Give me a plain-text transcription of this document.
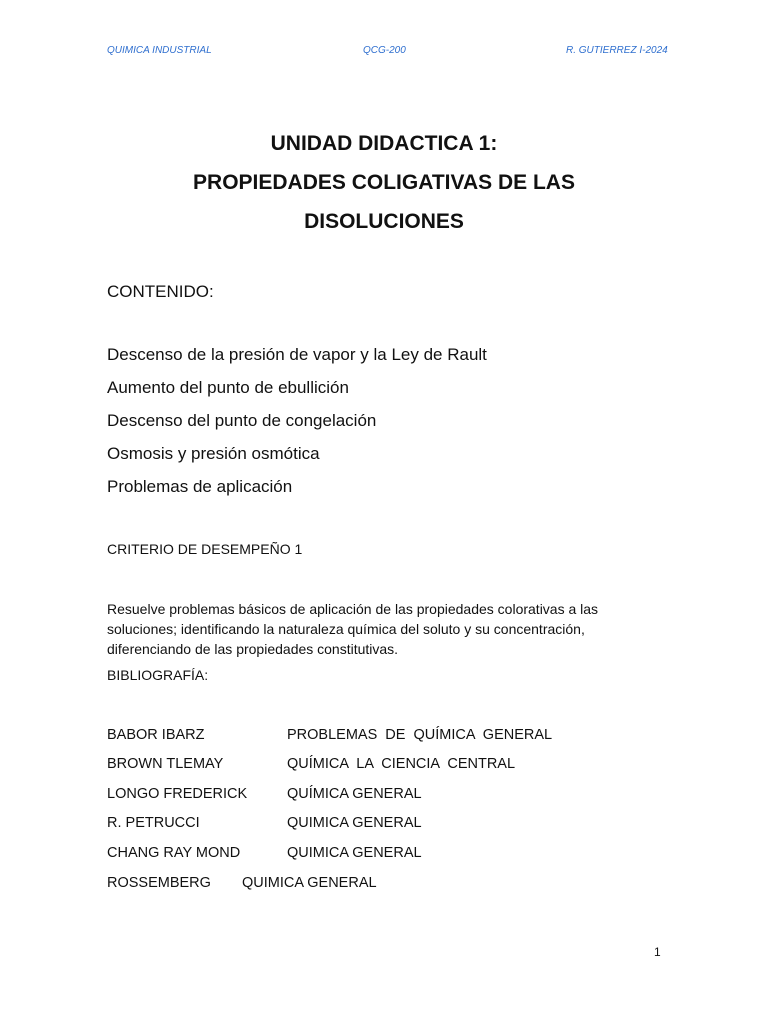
QUIMICA INDUSTRIAL	QCG-200	R. GUTIERREZ I-2024
UNIDAD DIDACTICA 1:
PROPIEDADES COLIGATIVAS DE LAS
DISOLUCIONES
CONTENIDO:
Descenso de la presión de vapor y la Ley de Rault
Aumento del punto de ebullición
Descenso del punto de congelación
Osmosis y presión osmótica
Problemas de aplicación
CRITERIO DE DESEMPEÑO 1
Resuelve problemas básicos de aplicación de las propiedades colorativas a las soluciones; identificando la naturaleza química del soluto y su concentración, diferenciando de las propiedades constitutivas.
BIBLIOGRAFÍA:
BABOR IBARZ	PROBLEMAS  DE  QUÍMICA  GENERAL
BROWN TLEMAY	QUÍMICA  LA  CIENCIA  CENTRAL
LONGO FREDERICK	QUÍMICA GENERAL
R. PETRUCCI	QUIMICA GENERAL
CHANG RAY MOND	QUIMICA GENERAL
ROSSEMBERG QUIMICA GENERAL
1
